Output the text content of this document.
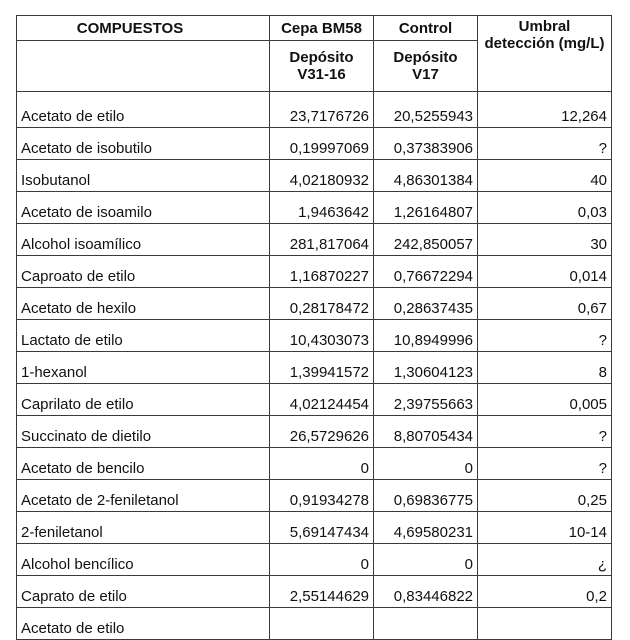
COMPUESTOS	Cepa BM58	Control	Umbral detección (mg/L)
	Depósito V31-16	Depósito V17	
Acetato de etilo	23,7176726	20,5255943	12,264
Acetato de isobutilo	0,19997069	0,37383906	?
Isobutanol	4,02180932	4,86301384	40
Acetato de isoamilo	1,9463642	1,26164807	0,03
Alcohol isoamílico	281,817064	242,850057	30
Caproato de etilo	1,16870227	0,76672294	0,014
Acetato de hexilo	0,28178472	0,28637435	0,67
Lactato de etilo	10,4303073	10,8949996	?
1-hexanol	1,39941572	1,30604123	8
Caprilato de etilo	4,02124454	2,39755663	0,005
Succinato de dietilo	26,5729626	8,80705434	?
Acetato de bencilo	0	0	?
Acetato de 2-feniletanol	0,91934278	0,69836775	0,25
2-feniletanol	5,69147434	4,69580231	10-14
Alcohol bencílico	0	0	¿
Caprato de etilo	2,55144629	0,83446822	0,2
Acetato de etilo			
